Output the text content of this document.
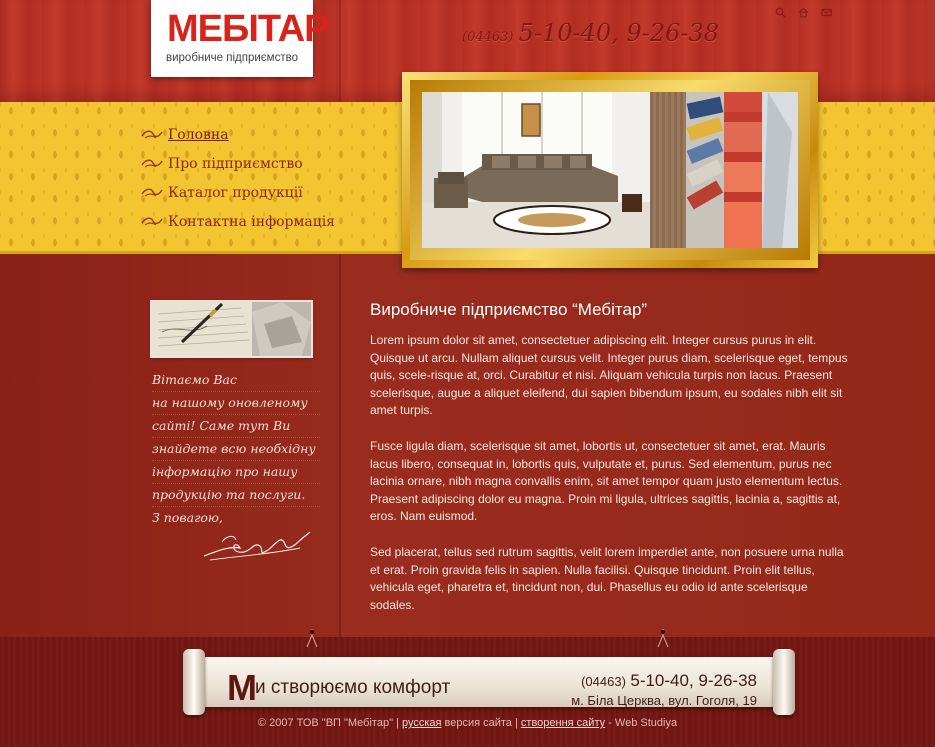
МЕБІТАР
виробниче підприємство
(04463) 5-10-40, 9-26-38
Головна
Про підприємство
Каталог продукції
Контактна інформація
Вітаємо Вас
на нашому оновленому
сайті! Саме тут Ви
знайдете всю необхідну
інформацію про нашу
продукцію та послуги.
З повагою,
Виробниче підприємство “Мебітар”

Lorem ipsum dolor sit amet, consectetuer adipiscing elit. Integer cursus purus in elit. Quisque ut arcu. Nullam aliquet cursus velit. Integer purus diam, scelerisque eget, tempus quis, scele-risque at, orci. Curabitur et nisi. Aliquam vehicula turpis non lacus. Praesent scelerisque, augue a aliquet eleifend, dui sapien bibendum ipsum, eu sodales nibh elit sit amet turpis.

Fusce ligula diam, scelerisque sit amet, lobortis ut, consectetuer sit amet, erat. Mauris lacus libero, consequat in, lobortis quis, vulputate et, purus. Sed elementum, purus nec lacinia ornare, nibh magna convallis enim, sit amet tempor quam justo elementum lectus. Praesent adipiscing dolor eu magna. Proin mi ligula, ultrices sagittis, lacinia a, sagittis at, eros. Nam euismod.

Sed placerat, tellus sed rutrum sagittis, velit lorem imperdiet ante, non posuere urna nulla et erat. Proin gravida felis in sapien. Nulla facilisi. Quisque tincidunt. Proin elit tellus, vehicula eget, pharetra et, tincidunt non, dui. Phasellus eu odio id ante scelerisque sodales.

М
и створюємо комфорт	(04463) 5-10-40, 9-26-38
м. Біла Церква, вул. Гоголя, 19
© 2007 ТОВ "ВП "Мебітар" | русская версия сайта | створення сайту - Web Studiya
